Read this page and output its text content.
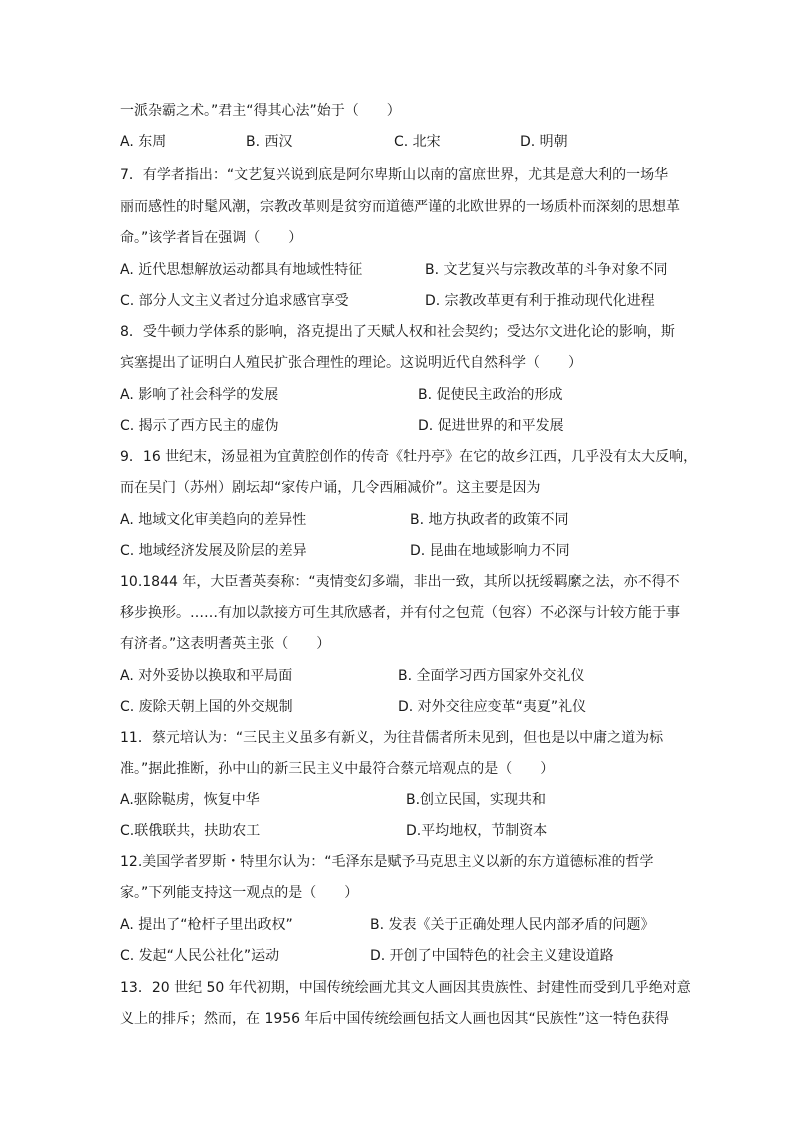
一派杂霸之术。”君主“得其心法”始于（　　）
A. 东周	B. 西汉	C. 北宋	D. 明朝
7．有学者指出：“文艺复兴说到底是阿尔卑斯山以南的富庶世界，尤其是意大利的一场华
丽而感性的时髦风潮，宗教改革则是贫穷而道德严谨的北欧世界的一场质朴而深刻的思想革
命。”该学者旨在强调（　　）
A. 近代思想解放运动都具有地域性特征	B. 文艺复兴与宗教改革的斗争对象不同
C. 部分人文主义者过分追求感官享受	D. 宗教改革更有利于推动现代化进程
8．受牛顿力学体系的影响，洛克提出了天赋人权和社会契约；受达尔文进化论的影响，斯
宾塞提出了证明白人殖民扩张合理性的理论。这说明近代自然科学（　　）
A. 影响了社会科学的发展	B. 促使民主政治的形成
C. 揭示了西方民主的虚伪	D. 促进世界的和平发展
9．16 世纪末，汤显祖为宜黄腔创作的传奇《牡丹亭》在它的故乡江西，几乎没有太大反响，
而在吴门（苏州）剧坛却“家传户诵，几令西厢减价”。这主要是因为
A. 地域文化审美趋向的差异性	B. 地方执政者的政策不同
C. 地域经济发展及阶层的差异	D. 昆曲在地域影响力不同
10.1844 年，大臣耆英奏称：“夷情变幻多端，非出一致，其所以抚绥羁縻之法，亦不得不
移步换形。……有加以款接方可生其欣感者，并有付之包荒（包容）不必深与计较方能于事
有济者。”这表明耆英主张（　　）
A. 对外妥协以换取和平局面	B. 全面学习西方国家外交礼仪
C. 废除天朝上国的外交规制	D. 对外交往应变革“夷夏”礼仪
11．蔡元培认为：“三民主义虽多有新义，为往昔儒者所未见到，但也是以中庸之道为标
准。”据此推断，孙中山的新三民主义中最符合蔡元培观点的是（　　）
A.驱除鞑虏，恢复中华	B.创立民国，实现共和
C.联俄联共，扶助农工	D.平均地权，节制资本
12.美国学者罗斯・特里尔认为：“毛泽东是赋予马克思主义以新的东方道德标准的哲学
家。”下列能支持这一观点的是（　　）
A. 提出了“枪杆子里出政权”	B. 发表《关于正确处理人民内部矛盾的问题》
C. 发起“人民公社化”运动	D. 开创了中国特色的社会主义建设道路
13．20 世纪 50 年代初期，中国传统绘画尤其文人画因其贵族性、封建性而受到几乎绝对意
义上的排斥；然而，在 1956 年后中国传统绘画包括文人画也因其“民族性”这一特色获得
